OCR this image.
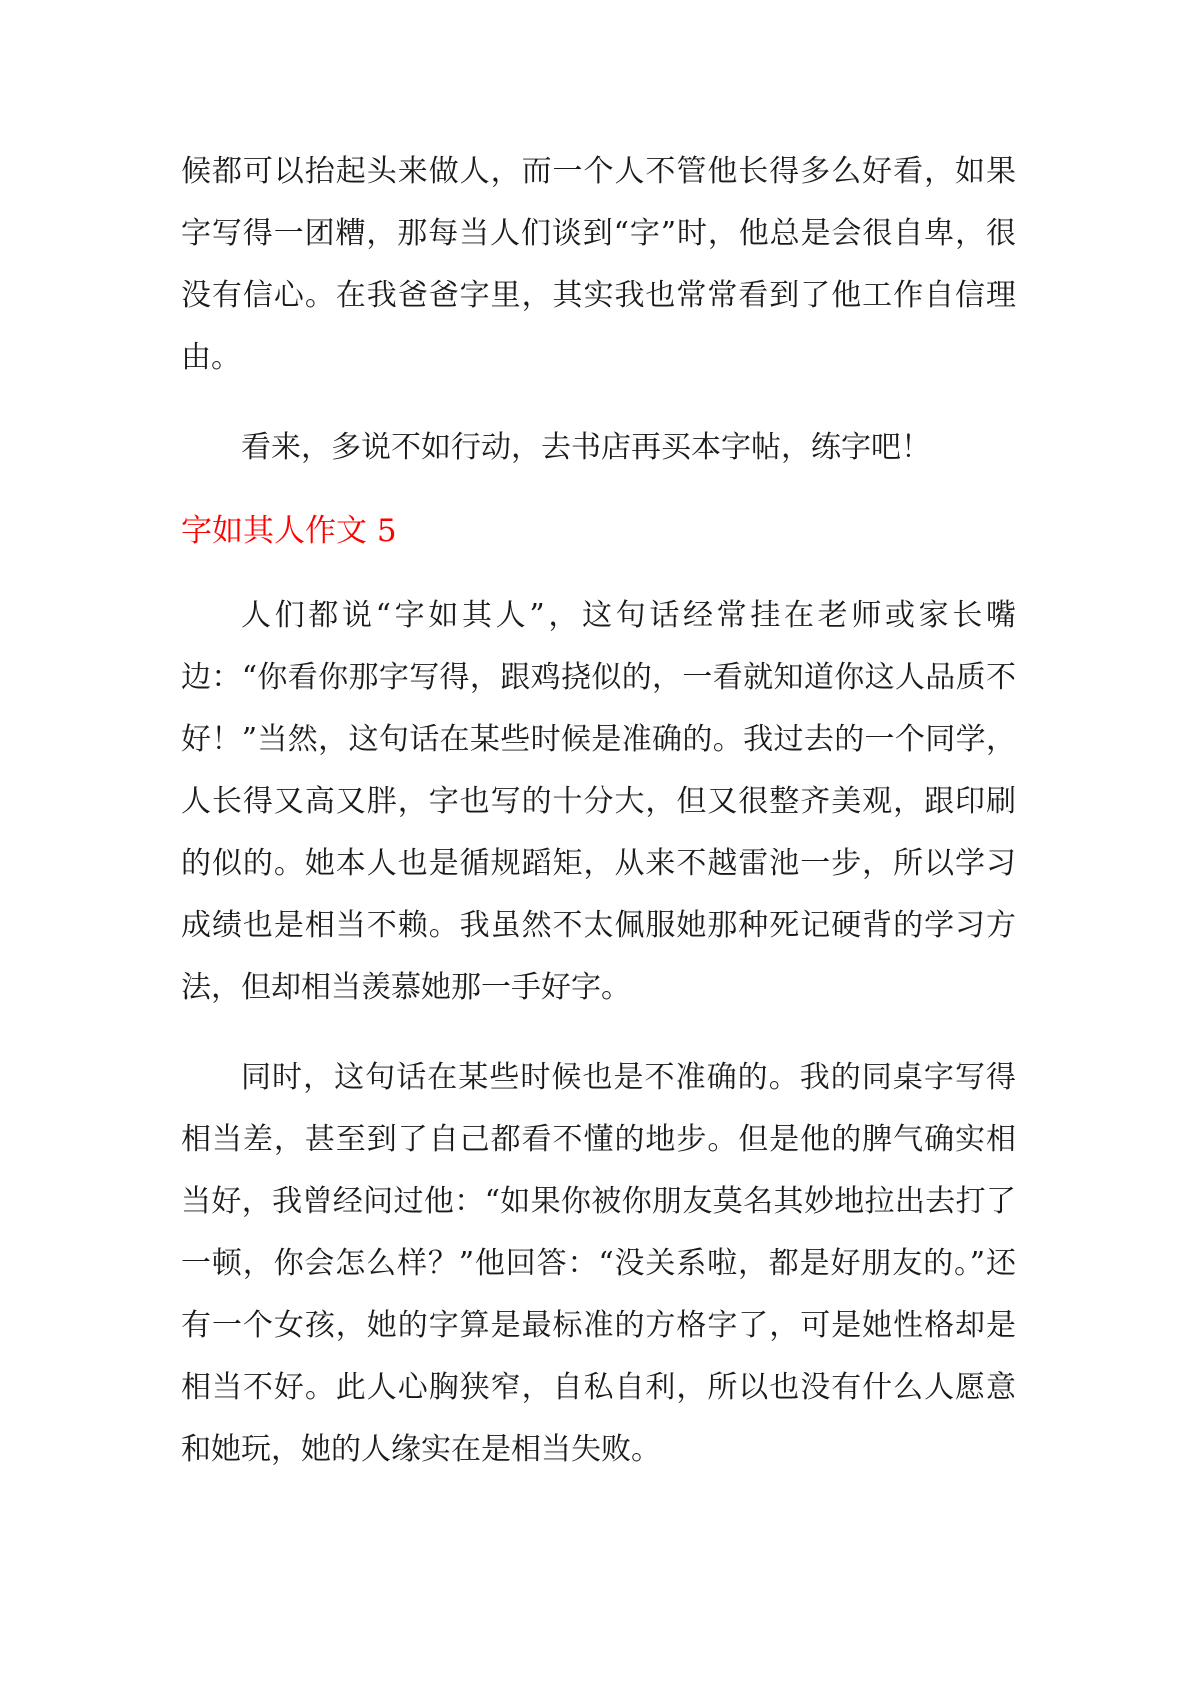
候都可以抬起头来做人，而一个人不管他长得多么好看，如果字写得一团糟，那每当人们谈到“字”时，他总是会很自卑，很没有信心。在我爸爸字里，其实我也常常看到了他工作自信理由。

看来，多说不如行动，去书店再买本字帖，练字吧！

字如其人作文 5

人们都说“字如其人”，这句话经常挂在老师或家长嘴边：“你看你那字写得，跟鸡挠似的，一看就知道你这人品质不好！”当然，这句话在某些时候是准确的。我过去的一个同学，人长得又高又胖，字也写的十分大，但又很整齐美观，跟印刷的似的。她本人也是循规蹈矩，从来不越雷池一步，所以学习成绩也是相当不赖。我虽然不太佩服她那种死记硬背的学习方法，但却相当羡慕她那一手好字。

同时，这句话在某些时候也是不准确的。我的同桌字写得相当差，甚至到了自己都看不懂的地步。但是他的脾气确实相当好，我曾经问过他：“如果你被你朋友莫名其妙地拉出去打了一顿，你会怎么样？”他回答：“没关系啦，都是好朋友的。”还有一个女孩，她的字算是最标准的方格字了，可是她性格却是相当不好。此人心胸狭窄，自私自利，所以也没有什么人愿意和她玩，她的人缘实在是相当失败。
